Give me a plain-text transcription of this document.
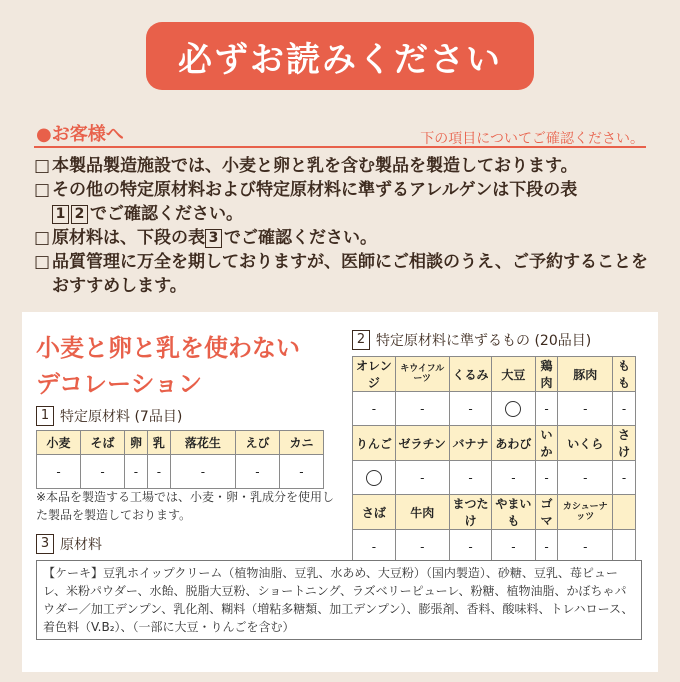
必ずお読みください
●お客様へ	下の項目についてご確認ください。
□ 本製品製造施設では、小麦と卵と乳を含む製品を製造しております。
□ その他の特定原材料および特定原材料に準ずるアレルゲンは下段の表
1 2 でご確認ください。
□ 原材料は、下段の表 3 でご確認ください。
□ 品質管理に万全を期しておりますが、医師にご相談のうえ、ご予約することをおすすめします。
小麦と卵と乳を使わない
デコレーション
1 特定原材料 (7品目)
小麦	そば	卵	乳	落花生	えび	カニ
-	-	-	-	-	-	-
※本品を製造する工場では、小麦・卵・乳成分を使用した製品を製造しております。
2 特定原材料に準ずるもの (20品目)
オレンジ	キウイフルーツ	くるみ	大豆	鶏肉	豚肉	もも
-	-	-		-	-	-
りんご	ゼラチン	バナナ	あわび	いか	いくら	さけ
	-	-	-	-	-	-
さば	牛肉	まつたけ	やまいも	ゴマ	カシューナッツ	
-	-	-	-	-	-	
3 原材料
【ケーキ】豆乳ホイップクリーム（植物油脂、豆乳、水あめ、大豆粉）（国内製造）、砂糖、豆乳、苺ピューレ、米粉パウダー、水飴、脱脂大豆粉、ショートニング、ラズベリーピューレ、粉糖、植物油脂、かぼちゃパウダー／加工デンプン、乳化剤、糊料（増粘多糖類、加工デンプン）、膨張剤、香料、酸味料、トレハロース、着色料（V.B₂）、（一部に大豆・りんごを含む）
